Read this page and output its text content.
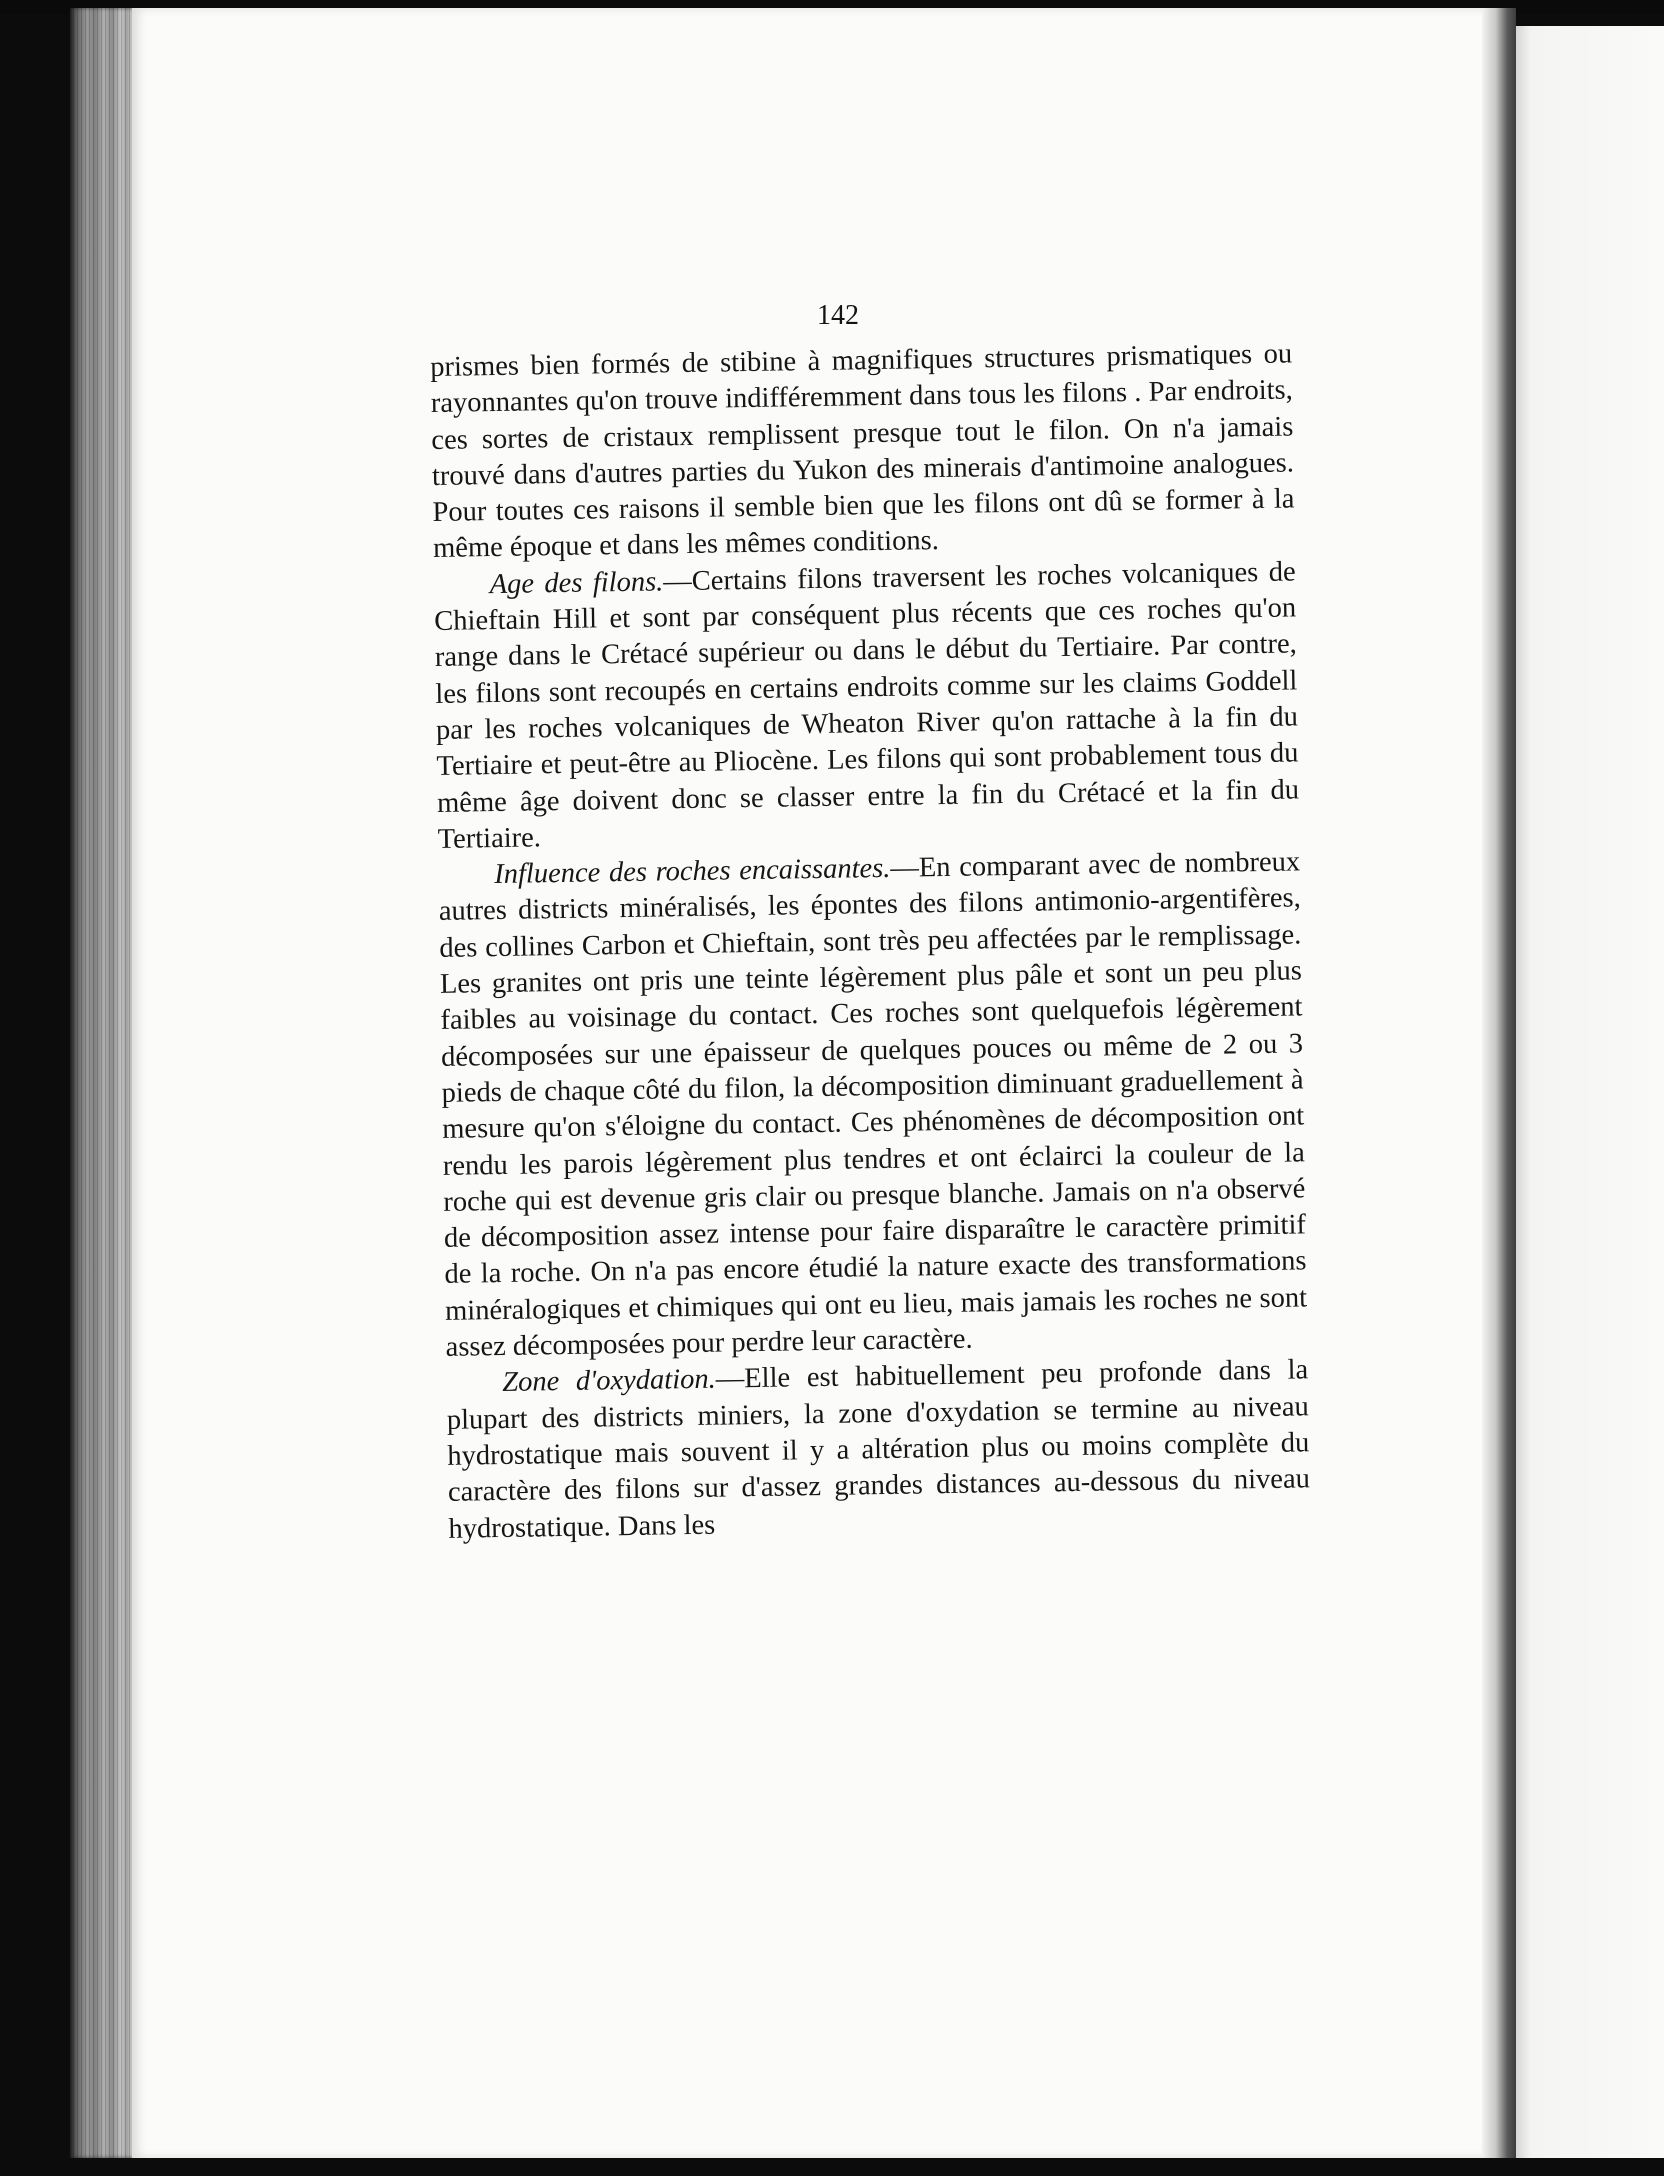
142

prismes bien formés de stibine à magnifiques structures prismatiques ou rayonnantes qu'on trouve indifféremment dans tous les filons . Par endroits, ces sortes de cristaux remplissent presque tout le filon. On n'a jamais trouvé dans d'autres parties du Yukon des minerais d'antimoine analogues. Pour toutes ces raisons il semble bien que les filons ont dû se former à la même époque et dans les mêmes conditions.

Age des filons.—Certains filons traversent les roches volcaniques de Chieftain Hill et sont par conséquent plus récents que ces roches qu'on range dans le Crétacé supérieur ou dans le début du Tertiaire. Par contre, les filons sont recoupés en certains endroits comme sur les claims Goddell par les roches volcaniques de Wheaton River qu'on rattache à la fin du Tertiaire et peut-être au Pliocène. Les filons qui sont probablement tous du même âge doivent donc se classer entre la fin du Crétacé et la fin du Tertiaire.

Influence des roches encaissantes.—En comparant avec de nombreux autres districts minéralisés, les épontes des filons antimonio-argentifères, des collines Carbon et Chieftain, sont très peu affectées par le remplissage. Les granites ont pris une teinte légèrement plus pâle et sont un peu plus faibles au voisinage du contact. Ces roches sont quelquefois légèrement décomposées sur une épaisseur de quelques pouces ou même de 2 ou 3 pieds de chaque côté du filon, la décomposition diminuant graduellement à mesure qu'on s'éloigne du contact. Ces phénomènes de décomposition ont rendu les parois légèrement plus tendres et ont éclairci la couleur de la roche qui est devenue gris clair ou presque blanche. Jamais on n'a observé de décomposition assez intense pour faire disparaître le caractère primitif de la roche. On n'a pas encore étudié la nature exacte des transformations minéralogiques et chimiques qui ont eu lieu, mais jamais les roches ne sont assez décomposées pour perdre leur caractère.

Zone d'oxydation.—Elle est habituellement peu profonde dans la plupart des districts miniers, la zone d'oxydation se termine au niveau hydrostatique mais souvent il y a altération plus ou moins complète du caractère des filons sur d'assez grandes distances au-dessous du niveau hydrostatique. Dans les
